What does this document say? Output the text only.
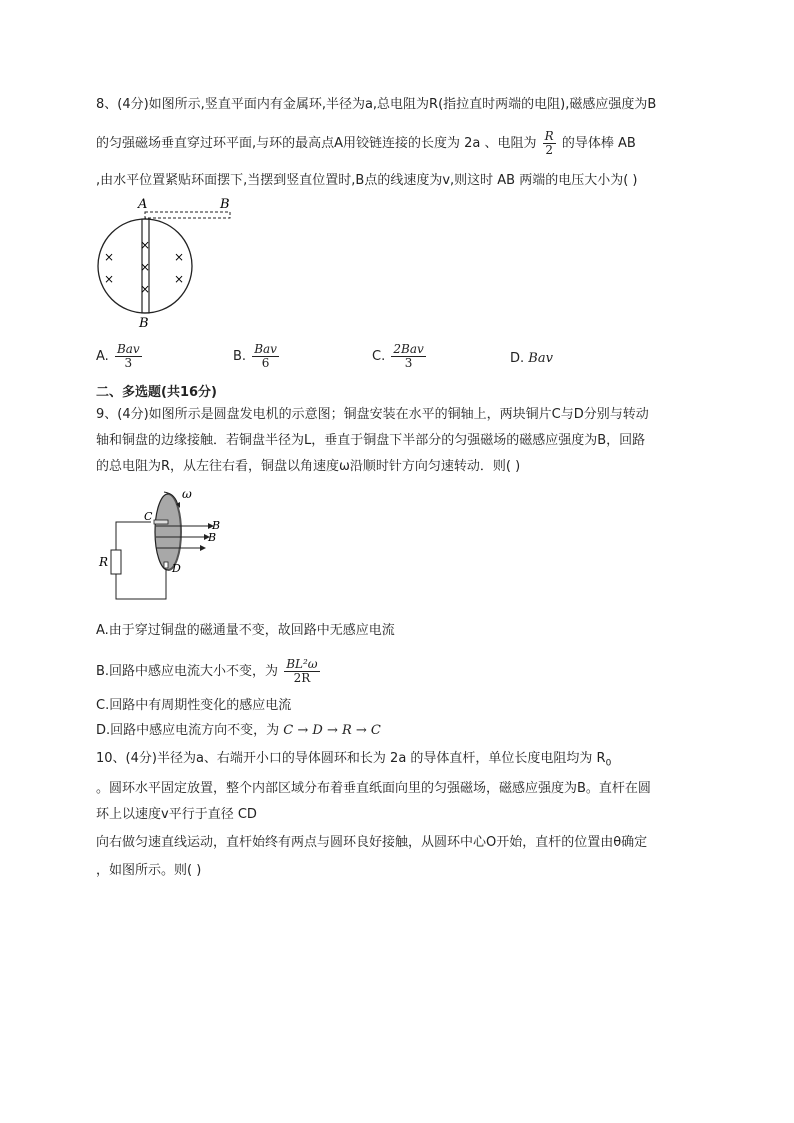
8、(4分)如图所示,竖直平面内有金属环,半径为a,总电阻为R(指拉直时两端的电阻),磁感应强度为B
的匀强磁场垂直穿过环平面,与环的最高点A用铰链连接的长度为 2a 、电阻为 $\frac{R}{2}$ 的导体棒 AB
,由水平位置紧贴环面摆下,当摆到竖直位置时,B点的线速度为v,则这时 AB 两端的电压大小为( )
A	B
B
×
×
×
×
×
×
×
A. $\frac{\text{Bav}}{3}$	B. $\frac{\text{Bav}}{6}$	C. $\frac{\text{2Bav}}{3}$	D. Bav
二、多选题(共16分)
9、(4分)如图所示是圆盘发电机的示意图；铜盘安装在水平的铜轴上，两块铜片C与D分别与转动
轴和铜盘的边缘接触．若铜盘半径为L，垂直于铜盘下半部分的匀强磁场的磁感应强度为B，回路
的总电阻为R，从左往右看，铜盘以角速度ω沿顺时针方向匀速转动．则( )
R
ω
C
B
B
D
A.由于穿过铜盘的磁通量不变，故回路中无感应电流
B.回路中感应电流大小不变，为 $\frac{\text{BL²ω}}{2R}$
C.回路中有周期性变化的感应电流
D.回路中感应电流方向不变，为 C → D → R → C
10、(4分)半径为a、右端开小口的导体圆环和长为 2a 的导体直杆，单位长度电阻均为 $R_0$
。圆环水平固定放置，整个内部区域分布着垂直纸面向里的匀强磁场，磁感应强度为B。直杆在圆
环上以速度v平行于直径 CD
向右做匀速直线运动，直杆始终有两点与圆环良好接触，从圆环中心O开始，直杆的位置由θ确定
，如图所示。则( )
